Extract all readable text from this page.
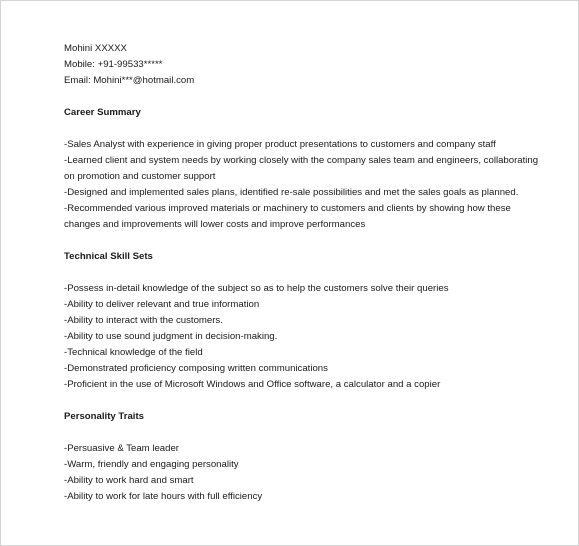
Mohini XXXXX
Mobile: +91-99533*****
Email: Mohini***@hotmail.com
Career Summary
-Sales Analyst with experience in giving proper product presentations to customers and company staff
-Learned client and system needs by working closely with the company sales team and engineers, collaborating
on promotion and customer support
-Designed and implemented sales plans, identified re-sale possibilities and met the sales goals as planned.
-Recommended various improved materials or machinery to customers and clients by showing how these
changes and improvements will lower costs and improve performances
Technical Skill Sets
-Possess in-detail knowledge of the subject so as to help the customers solve their queries
-Ability to deliver relevant and true information
-Ability to interact with the customers.
-Ability to use sound judgment in decision-making.
-Technical knowledge of the field
-Demonstrated proficiency composing written communications
-Proficient in the use of Microsoft Windows and Office software, a calculator and a copier
Personality Traits
-Persuasive & Team leader
-Warm, friendly and engaging personality
-Ability to work hard and smart
-Ability to work for late hours with full efficiency
